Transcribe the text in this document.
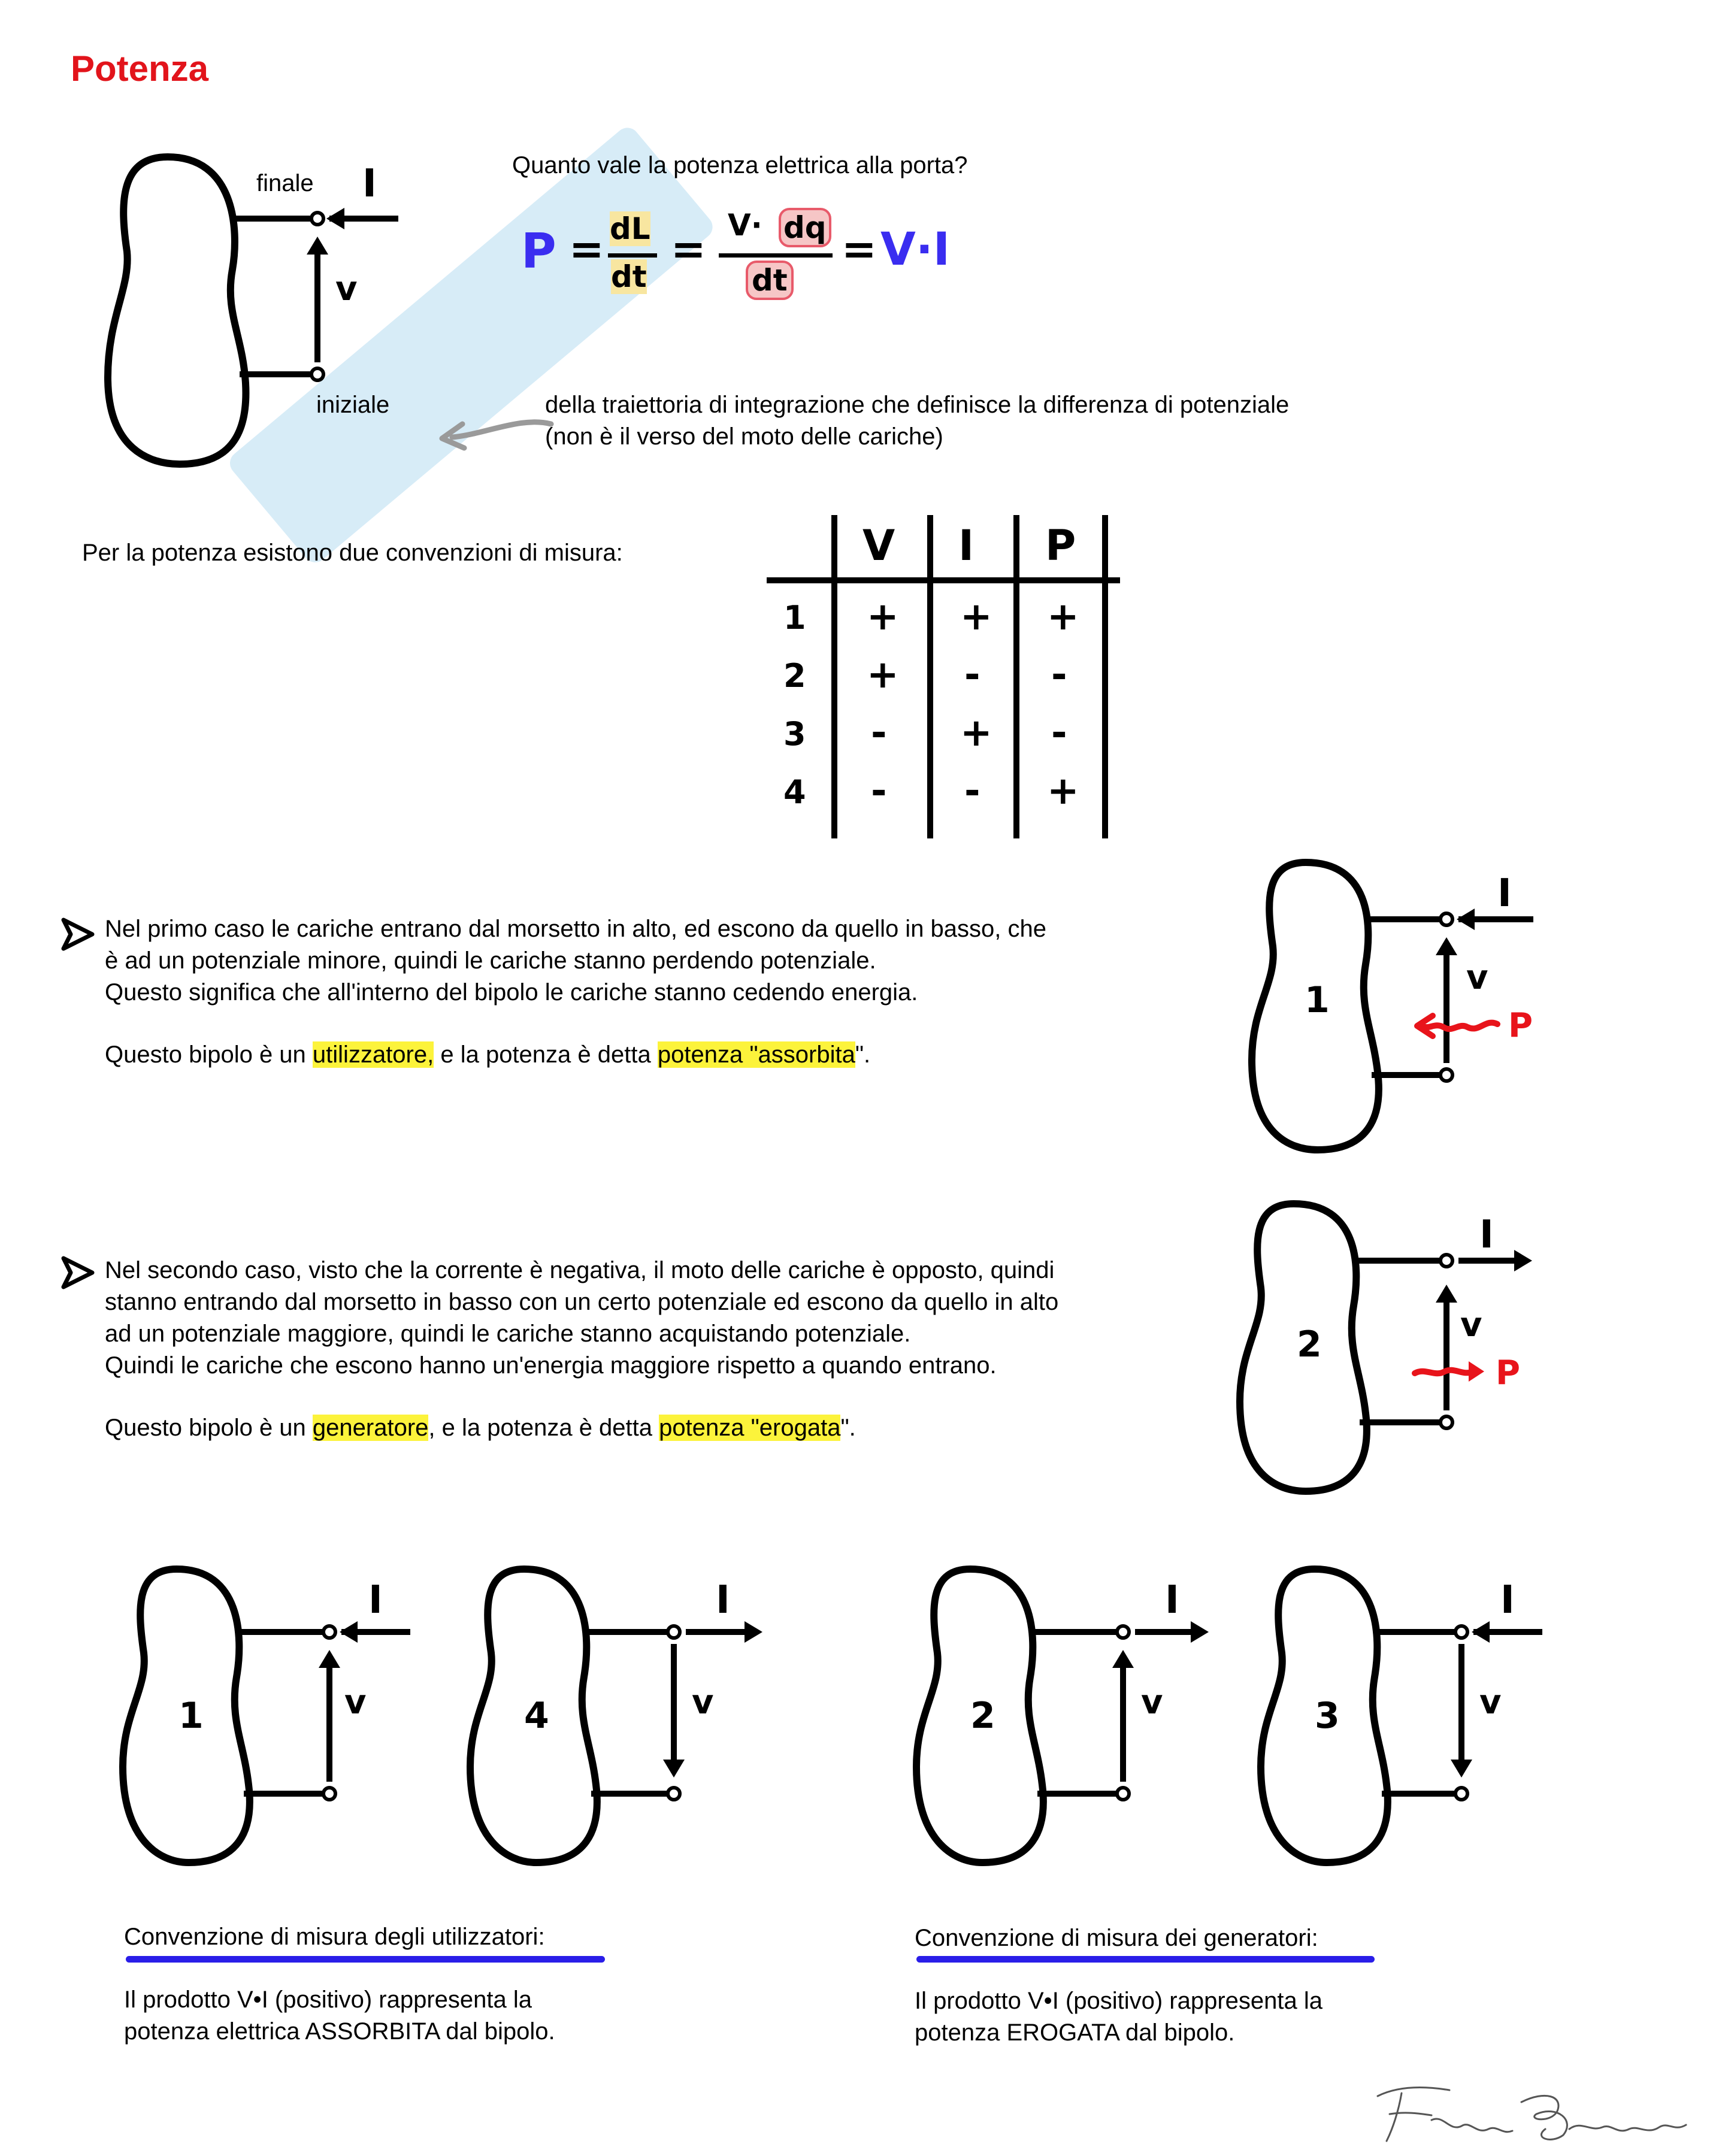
Potenza
finale
iniziale
I
v
Quanto vale la potenza elettrica alla porta?
P = dL
dt
= V· dq
dt
= V·I
della traiettoria di integrazione che definisce la differenza di potenziale
(non è il verso del moto delle cariche)
Per la potenza esistono due convenzioni di misura:	V I P
1 + + +
2 + - -
3 - + -
4 - - +
Nel primo caso le cariche entrano dal morsetto in alto, ed escono da quello in basso, che
è ad un potenziale minore, quindi le cariche stanno perdendo potenziale.
Questo significa che all'interno del bipolo le cariche stanno cedendo energia.
Questo bipolo è un utilizzatore, e la potenza è detta potenza "assorbita".
1
I
v
P
Nel secondo caso, visto che la corrente è negativa, il moto delle cariche è opposto, quindi
stanno entrando dal morsetto in basso con un certo potenziale ed escono da quello in alto
ad un potenziale maggiore, quindi le cariche stanno acquistando potenziale.
Quindi le cariche che escono hanno un'energia maggiore rispetto a quando entrano.
Questo bipolo è un generatore, e la potenza è detta potenza "erogata".
2
I
v
P
1
I
v	4
I
v	2
I
v	3
I
v
Convenzione di misura degli utilizzatori:
Il prodotto V•I (positivo) rappresenta la
potenza elettrica ASSORBITA dal bipolo.
Convenzione di misura dei generatori:
Il prodotto V•I (positivo) rappresenta la
potenza EROGATA dal bipolo.
